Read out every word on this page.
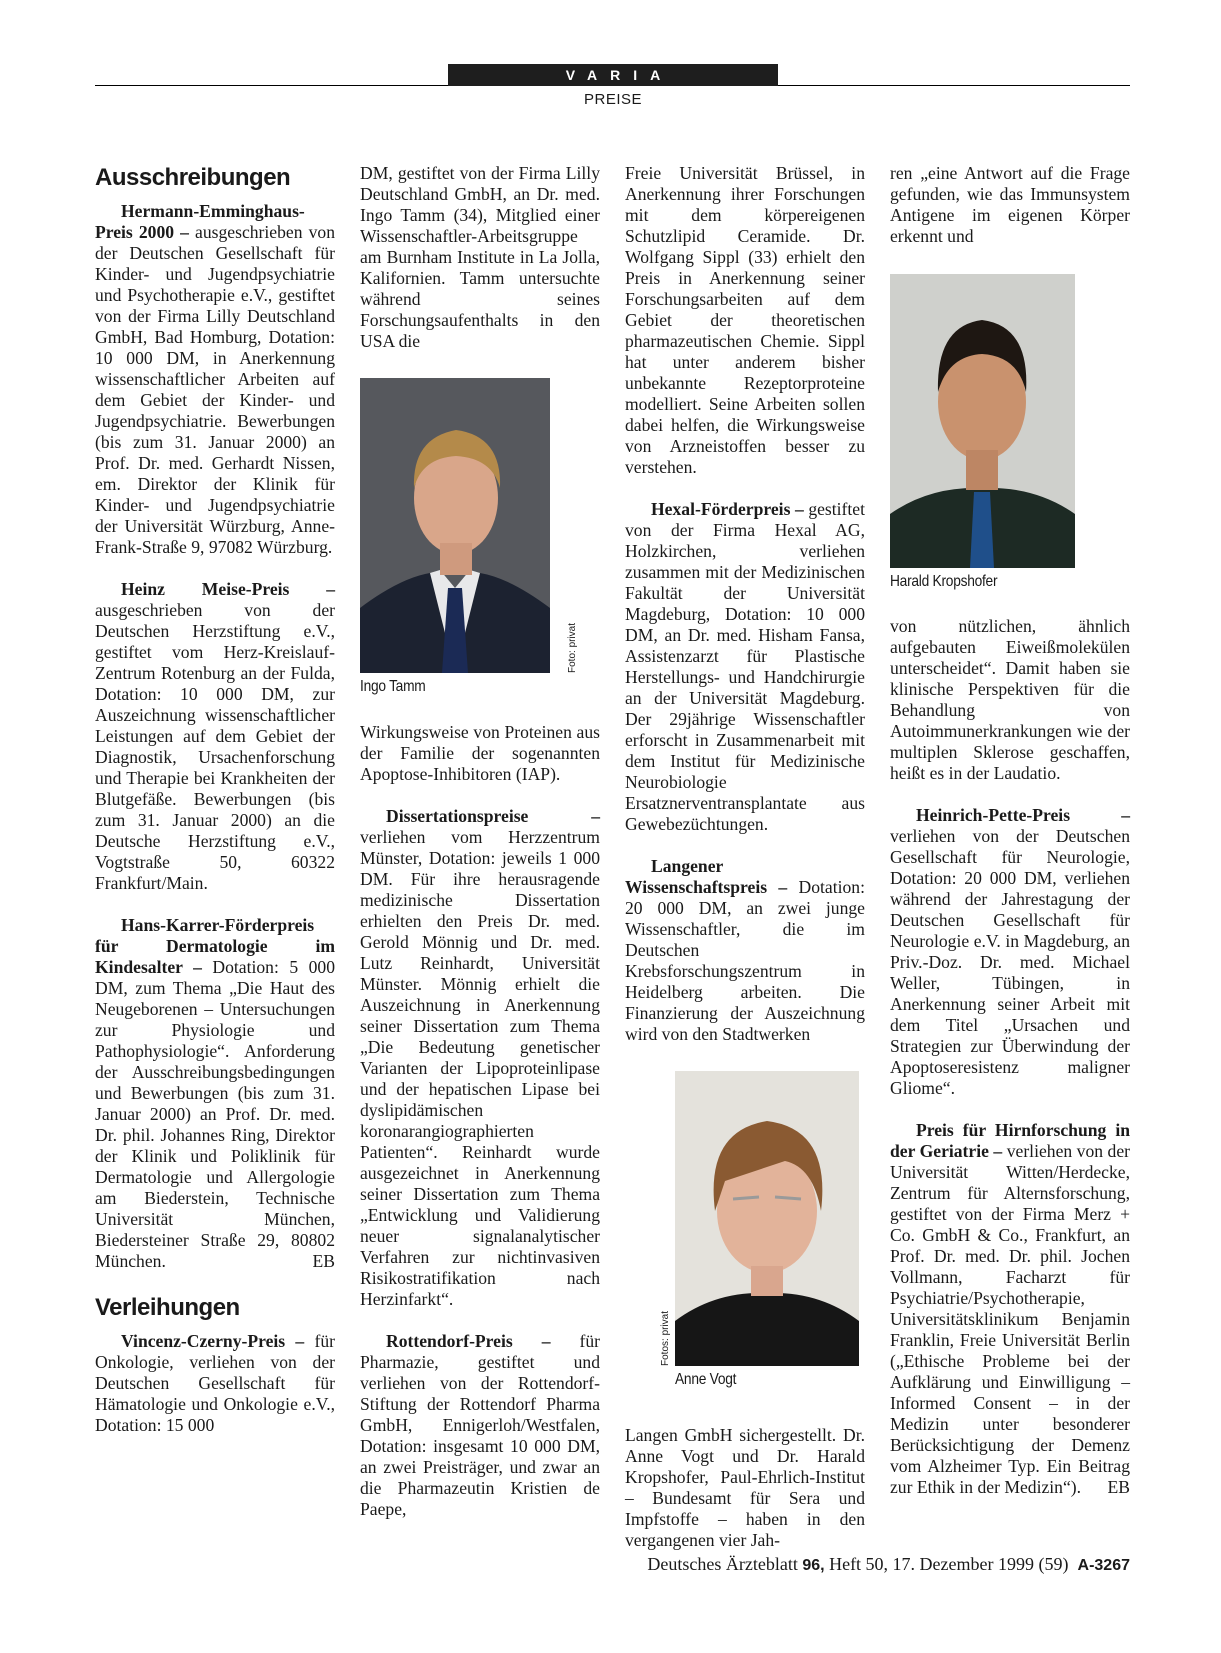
VARIA
PREISE
Ausschreibungen

Hermann-Emminghaus-Preis 2000 – ausgeschrieben von der Deutschen Gesellschaft für Kinder- und Jugendpsychiatrie und Psychotherapie e.V., gestiftet von der Firma Lilly Deutschland GmbH, Bad Homburg, Dotation: 10 000 DM, in Anerkennung wissenschaftlicher Arbeiten auf dem Gebiet der Kinder- und Jugendpsychiatrie. Bewerbungen (bis zum 31. Januar 2000) an Prof. Dr. med. Gerhardt Nissen, em. Direktor der Klinik für Kinder- und Jugendpsychiatrie der Universität Würzburg, Anne-Frank-Straße 9, 97082 Würzburg.

Heinz Meise-Preis – ausgeschrieben von der Deutschen Herzstiftung e.V., gestiftet vom Herz-Kreislauf-Zentrum Rotenburg an der Fulda, Dotation: 10 000 DM, zur Auszeichnung wissenschaftlicher Leistungen auf dem Gebiet der Diagnostik, Ursachenforschung und Therapie bei Krankheiten der Blutgefäße. Bewerbungen (bis zum 31. Januar 2000) an die Deutsche Herzstiftung e.V., Vogtstraße 50, 60322 Frankfurt/Main.

Hans-Karrer-Förderpreis für Dermatologie im Kindesalter – Dotation: 5 000 DM, zum Thema „Die Haut des Neugeborenen – Untersuchungen zur Physiologie und Pathophysiologie“. Anforderung der Ausschreibungsbedingungen und Bewerbungen (bis zum 31. Januar 2000) an Prof. Dr. med. Dr. phil. Johannes Ring, Direktor der Klinik und Poliklinik für Dermatologie und Allergologie am Biederstein, Technische Universität München, Biedersteiner Straße 29, 80802 München.	EB

Verleihungen

Vincenz-Czerny-Preis – für Onkologie, verliehen von der Deutschen Gesellschaft für Hämatologie und Onkologie e.V., Dotation: 15 000

DM, gestiftet von der Firma Lilly Deutschland GmbH, an Dr. med. Ingo Tamm (34), Mitglied einer Wissenschaftler-Arbeitsgruppe am Burnham Institute in La Jolla, Kalifornien. Tamm untersuchte während seines Forschungsaufenthalts in den USA die

Foto: privat
Ingo Tamm

Wirkungsweise von Proteinen aus der Familie der sogenannten Apoptose-Inhibitoren (IAP).

Dissertationspreise – verliehen vom Herzzentrum Münster, Dotation: jeweils 1 000 DM. Für ihre herausragende medizinische Dissertation erhielten den Preis Dr. med. Gerold Mönnig und Dr. med. Lutz Reinhardt, Universität Münster. Mönnig erhielt die Auszeichnung in Anerkennung seiner Dissertation zum Thema „Die Bedeutung genetischer Varianten der Lipoproteinlipase und der hepatischen Lipase bei dyslipidämischen koronarangiographierten Patienten“. Reinhardt wurde ausgezeichnet in Anerkennung seiner Dissertation zum Thema „Entwicklung und Validierung neuer signalanalytischer Verfahren zur nichtinvasiven Risikostratifikation nach Herzinfarkt“.

Rottendorf-Preis – für Pharmazie, gestiftet und verliehen von der Rottendorf-Stiftung der Rottendorf Pharma GmbH, Ennigerloh/Westfalen, Dotation: insgesamt 10 000 DM, an zwei Preisträger, und zwar an die Pharmazeutin Kristien de Paepe,

Freie Universität Brüssel, in Anerkennung ihrer Forschungen mit dem körpereigenen Schutzlipid Ceramide. Dr. Wolfgang Sippl (33) erhielt den Preis in Anerkennung seiner Forschungsarbeiten auf dem Gebiet der theoretischen pharmazeutischen Chemie. Sippl hat unter anderem bisher unbekannte Rezeptorproteine modelliert. Seine Arbeiten sollen dabei helfen, die Wirkungsweise von Arzneistoffen besser zu verstehen.

Hexal-Förderpreis – gestiftet von der Firma Hexal AG, Holzkirchen, verliehen zusammen mit der Medizinischen Fakultät der Universität Magdeburg, Dotation: 10 000 DM, an Dr. med. Hisham Fansa, Assistenzarzt für Plastische Herstellungs- und Handchirurgie an der Universität Magdeburg. Der 29jährige Wissenschaftler erforscht in Zusammenarbeit mit dem Institut für Medizinische Neurobiologie Ersatznerventransplantate aus Gewebezüchtungen.

Langener Wissenschaftspreis – Dotation: 20 000 DM, an zwei junge Wissenschaftler, die im Deutschen Krebsforschungszentrum in Heidelberg arbeiten. Die Finanzierung der Auszeichnung wird von den Stadtwerken

Fotos: privat
Anne Vogt

Langen GmbH sichergestellt. Dr. Anne Vogt und Dr. Harald Kropshofer, Paul-Ehrlich-Institut – Bundesamt für Sera und Impfstoffe – haben in den vergangenen vier Jah-

ren „eine Antwort auf die Frage gefunden, wie das Immunsystem Antigene im eigenen Körper erkennt und

Harald Kropshofer

von nützlichen, ähnlich aufgebauten Eiweißmolekülen unterscheidet“. Damit haben sie klinische Perspektiven für die Behandlung von Autoimmunerkrankungen wie der multiplen Sklerose geschaffen, heißt es in der Laudatio.

Heinrich-Pette-Preis – verliehen von der Deutschen Gesellschaft für Neurologie, Dotation: 20 000 DM, verliehen während der Jahrestagung der Deutschen Gesellschaft für Neurologie e.V. in Magdeburg, an Priv.-Doz. Dr. med. Michael Weller, Tübingen, in Anerkennung seiner Arbeit mit dem Titel „Ursachen und Strategien zur Überwindung der Apoptoseresistenz maligner Gliome“.

Preis für Hirnforschung in der Geriatrie – verliehen von der Universität Witten/Herdecke, Zentrum für Alternsforschung, gestiftet von der Firma Merz + Co. GmbH & Co., Frankfurt, an Prof. Dr. med. Dr. phil. Jochen Vollmann, Facharzt für Psychiatrie/Psychotherapie, Universitätsklinikum Benjamin Franklin, Freie Universität Berlin („Ethische Probleme bei der Aufklärung und Einwilligung – Informed Consent – in der Medizin unter besonderer Berücksichtigung der Demenz vom Alzheimer Typ. Ein Beitrag zur Ethik in der Medizin“). EB

Deutsches Ärzteblatt 96, Heft 50, 17. Dezember 1999 (59) A-3267
